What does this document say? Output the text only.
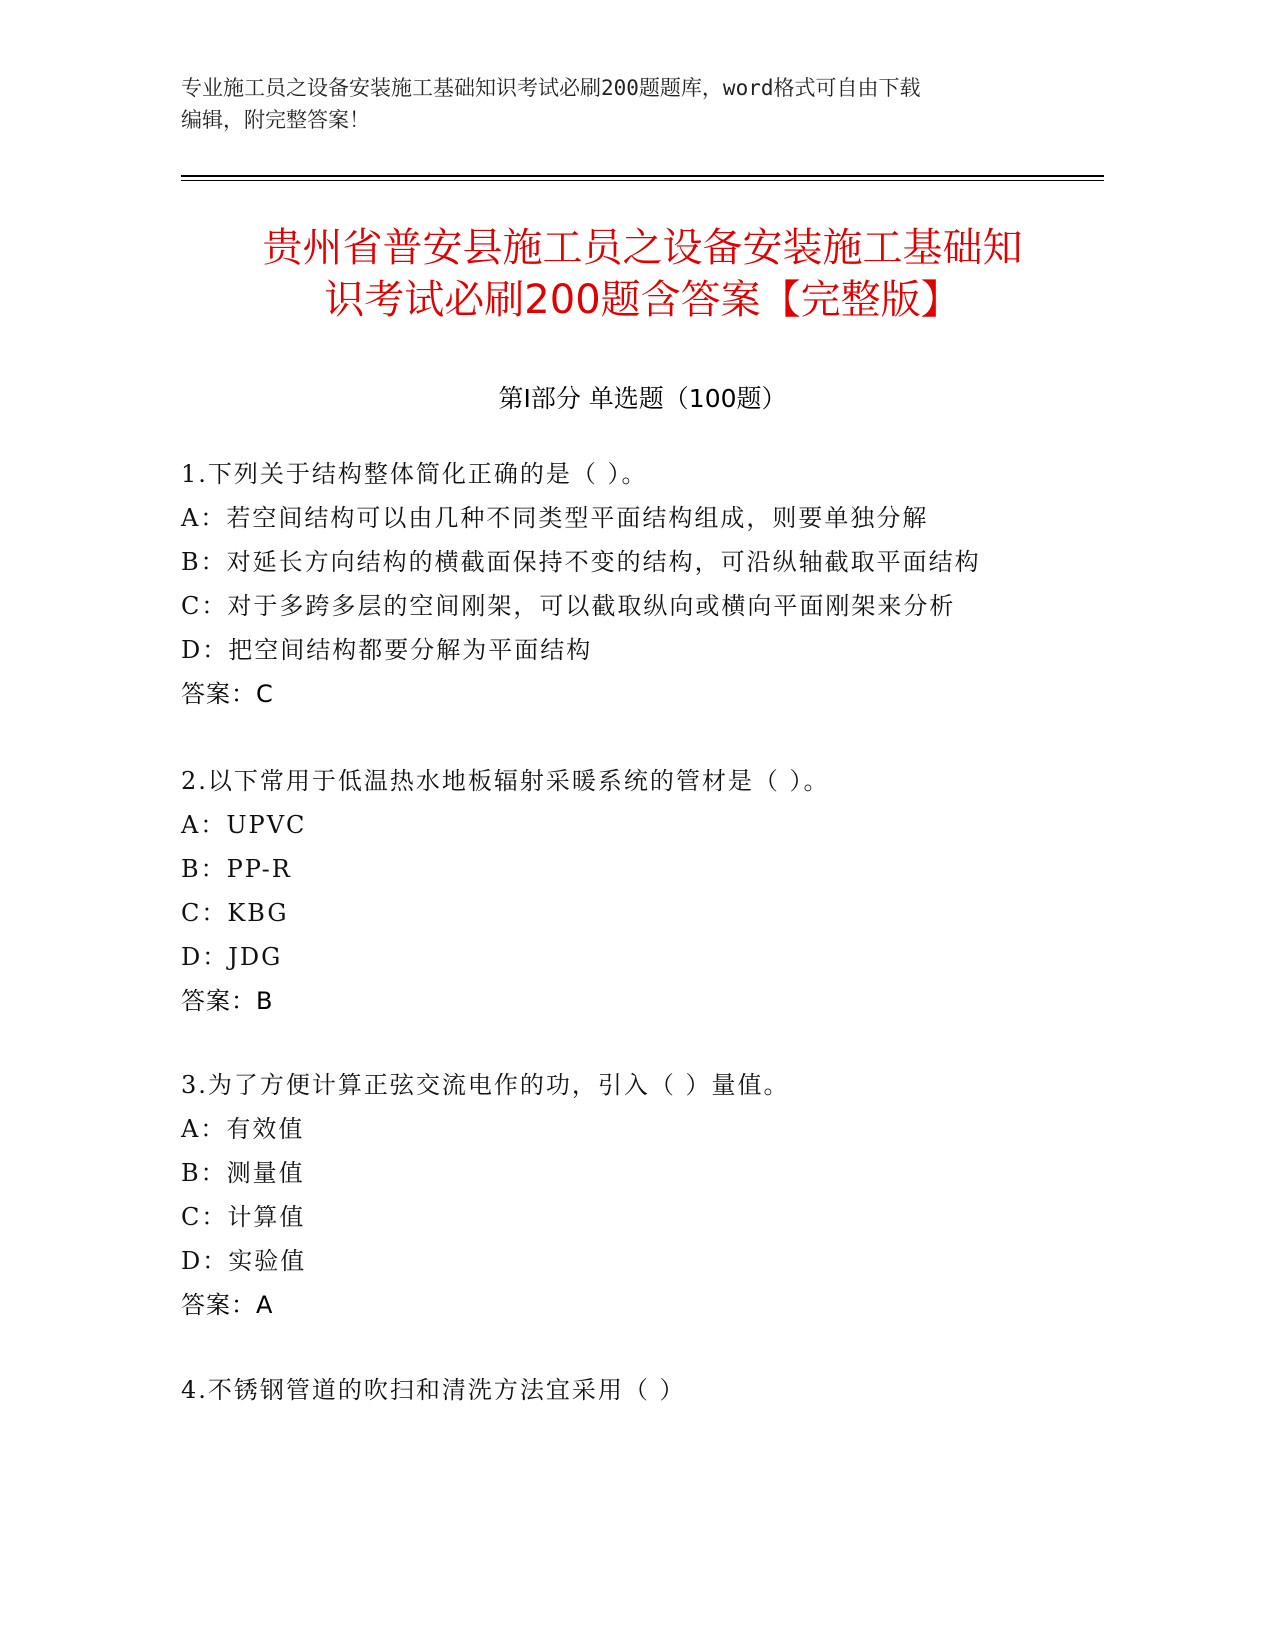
专业施工员之设备安装施工基础知识考试必刷200题题库，word格式可自由下载
编辑，附完整答案！
贵州省普安县施工员之设备安装施工基础知
识考试必刷200题含答案【完整版】
第Ⅰ部分 单选题（100题）
1.下列关于结构整体简化正确的是（ ）。
A：若空间结构可以由几种不同类型平面结构组成，则要单独分解
B：对延长方向结构的横截面保持不变的结构，可沿纵轴截取平面结构
C：对于多跨多层的空间刚架，可以截取纵向或横向平面刚架来分析
D：把空间结构都要分解为平面结构
答案：C
2.以下常用于低温热水地板辐射采暖系统的管材是（ ）。
A：UPVC
B：PP-R
C：KBG
D：JDG
答案：B
3.为了方便计算正弦交流电作的功，引入（ ）量值。
A：有效值
B：测量值
C：计算值
D：实验值
答案：A
4.不锈钢管道的吹扫和清洗方法宜采用（ ）
